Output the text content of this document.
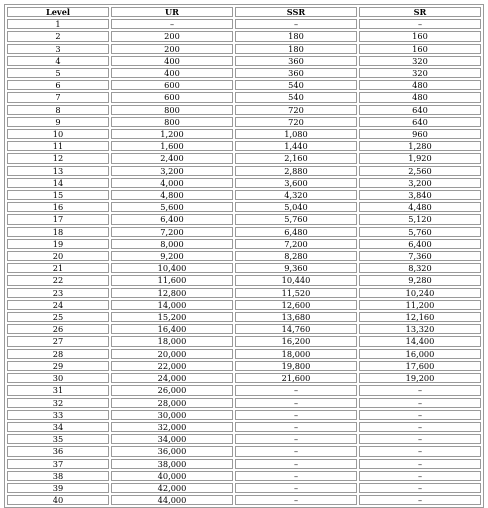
Level	UR	SSR	SR
1	–	–	–
2	200	180	160
3	200	180	160
4	400	360	320
5	400	360	320
6	600	540	480
7	600	540	480
8	800	720	640
9	800	720	640
10	1,200	1,080	960
11	1,600	1,440	1,280
12	2,400	2,160	1,920
13	3,200	2,880	2,560
14	4,000	3,600	3,200
15	4,800	4,320	3,840
16	5,600	5,040	4,480
17	6,400	5,760	5,120
18	7,200	6,480	5,760
19	8,000	7,200	6,400
20	9,200	8,280	7,360
21	10,400	9,360	8,320
22	11,600	10,440	9,280
23	12,800	11,520	10,240
24	14,000	12,600	11,200
25	15,200	13,680	12,160
26	16,400	14,760	13,320
27	18,000	16,200	14,400
28	20,000	18,000	16,000
29	22,000	19,800	17,600
30	24,000	21,600	19,200
31	26,000	–	–
32	28,000	–	–
33	30,000	–	–
34	32,000	–	–
35	34,000	–	–
36	36,000	–	–
37	38,000	–	–
38	40,000	–	–
39	42,000	–	–
40	44,000	–	–
